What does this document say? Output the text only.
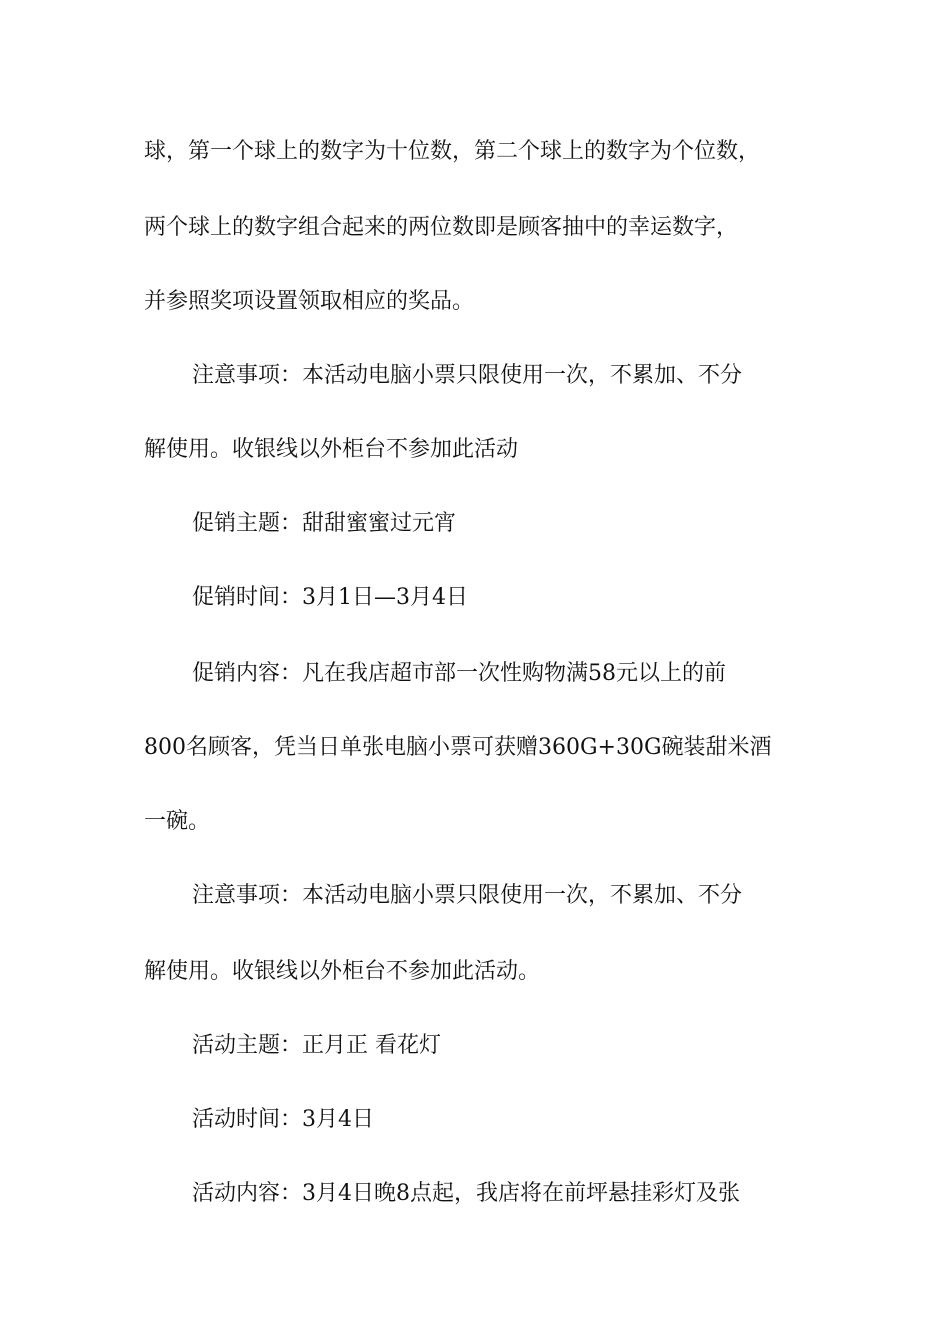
球，第一个球上的数字为十位数，第二个球上的数字为个位数，
两个球上的数字组合起来的两位数即是顾客抽中的幸运数字，
并参照奖项设置领取相应的奖品。
注意事项：本活动电脑小票只限使用一次，不累加、不分
解使用。收银线以外柜台不参加此活动
促销主题：甜甜蜜蜜过元宵
促销时间：3月1日—3月4日
促销内容：凡在我店超市部一次性购物满58元以上的前
800名顾客，凭当日单张电脑小票可获赠360G+30G碗装甜米酒
一碗。
注意事项：本活动电脑小票只限使用一次，不累加、不分
解使用。收银线以外柜台不参加此活动。
活动主题：正月正 看花灯
活动时间：3月4日
活动内容：3月4日晚8点起，我店将在前坪悬挂彩灯及张
